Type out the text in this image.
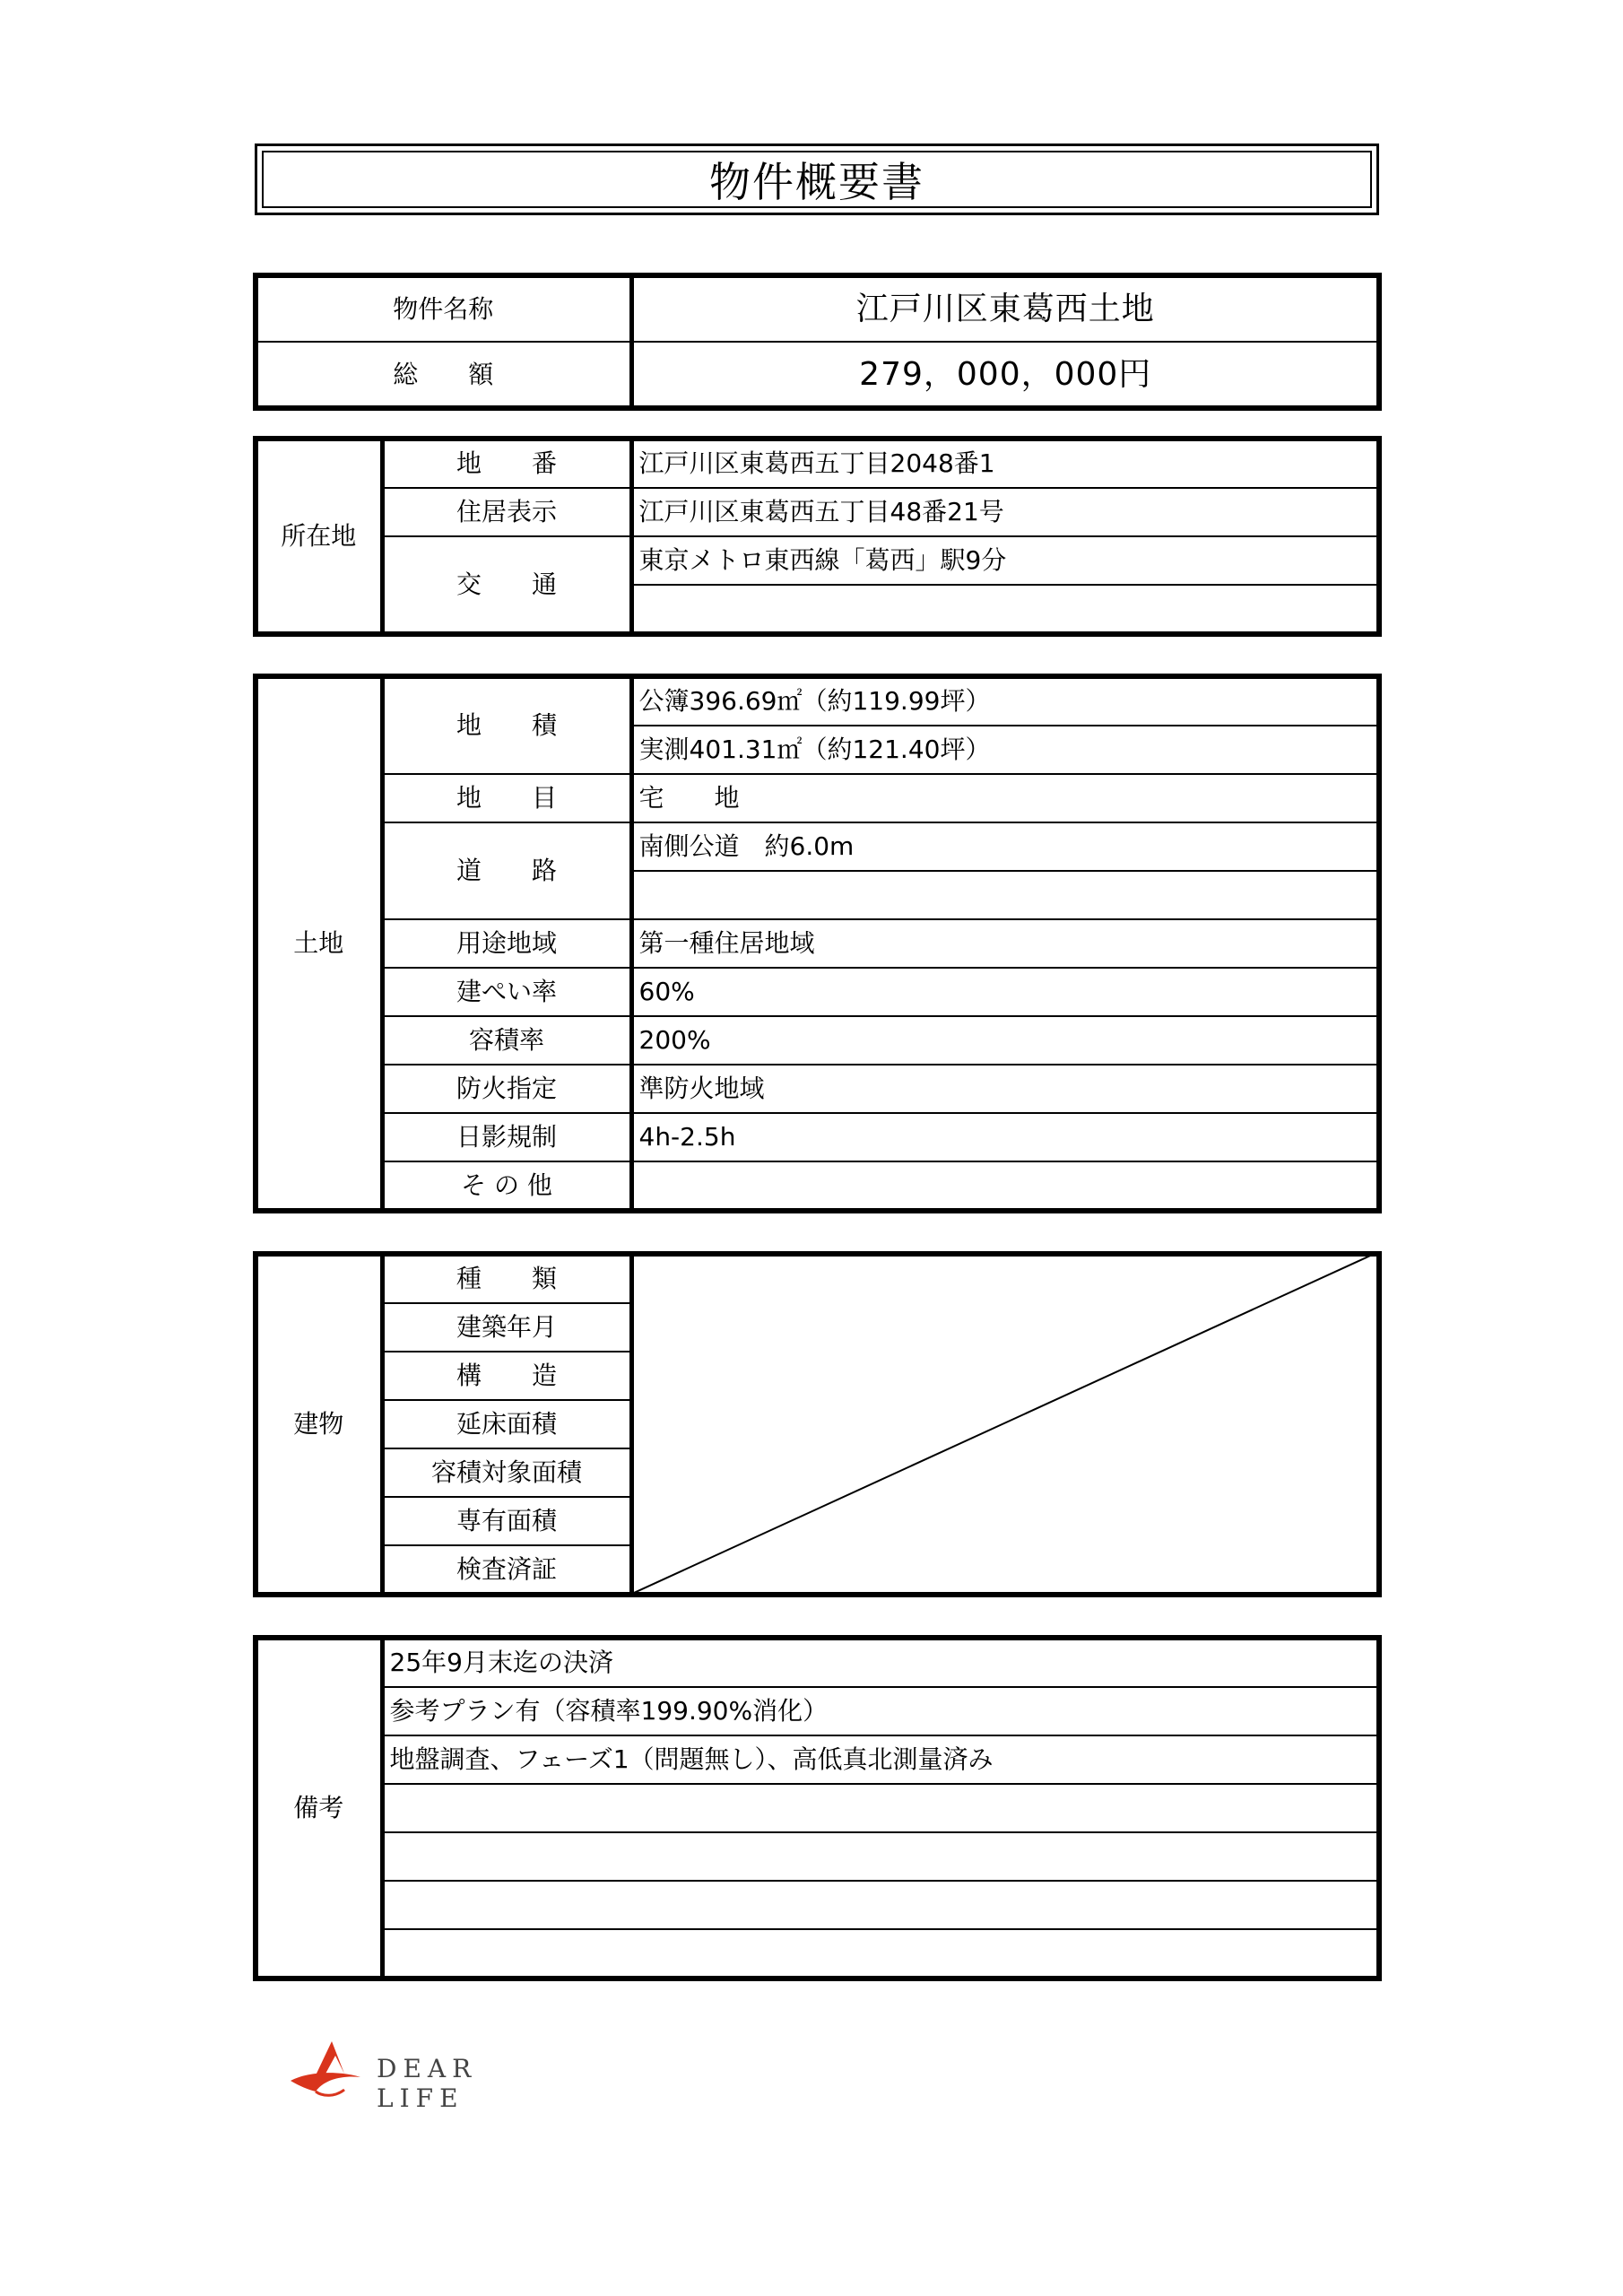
物件概要書
物件名称	江戸川区東葛西土地
総　　額	279，000，000円
所在地	地　　番	江戸川区東葛西五丁目2048番1
	住居表示	江戸川区東葛西五丁目48番21号
	交　　通	東京メトロ東西線「葛西」駅9分

土地	地　　積	公簿396.69㎡（約119.99坪）
		実測401.31㎡（約121.40坪）
	地　　目	宅　　地
	道　　路	南側公道　約6.0m

	用途地域	第一種住居地域
	建ぺい率	60%
	容積率	200%
	防火指定	準防火地域
	日影規制	4h-2.5h
	そ の 他	
建物	種　　類	

建築年月
構　　造
延床面積
容積対象面積
専有面積
検査済証
備考	25年9月末迄の決済
参考プラン有（容積率199.90%消化）
地盤調査、フェーズ1（問題無し）、高低真北測量済み

DEAR LIFE
